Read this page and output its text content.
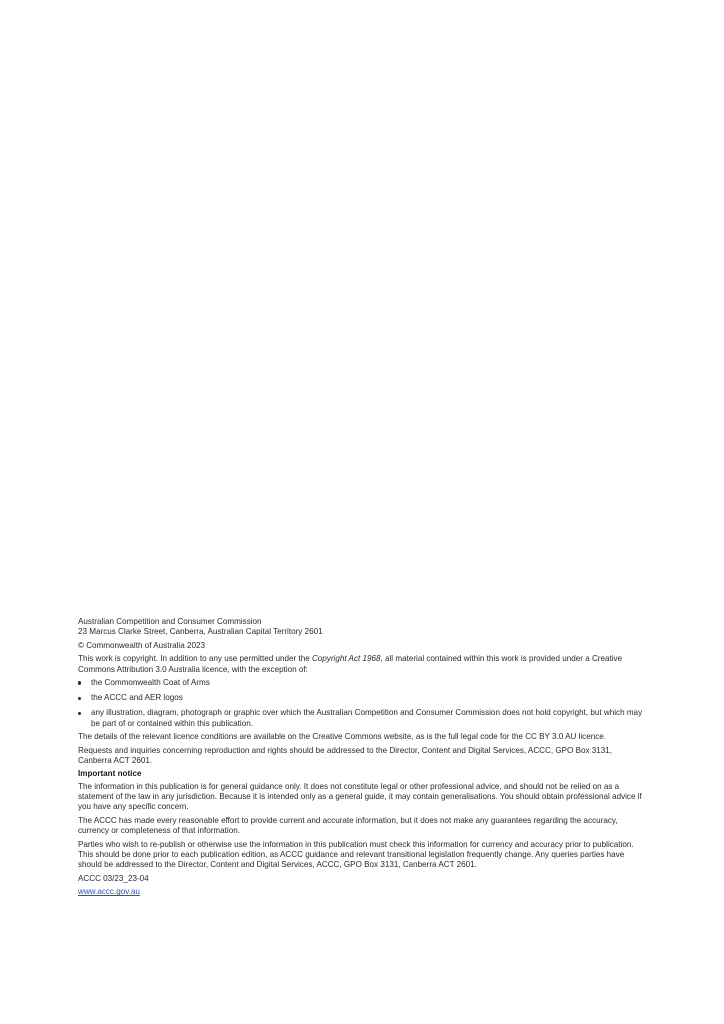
Australian Competition and Consumer Commission

23 Marcus Clarke Street, Canberra, Australian Capital Territory 2601

© Commonwealth of Australia 2023

This work is copyright. In addition to any use permitted under the Copyright Act 1968, all material contained within this work is provided under a Creative Commons Attribution 3.0 Australia licence, with the exception of:

the Commonwealth Coat of Arms
the ACCC and AER logos
any illustration, diagram, photograph or graphic over which the Australian Competition and Consumer Commission does not hold copyright, but which may be part of or contained within this publication.

The details of the relevant licence conditions are available on the Creative Commons website, as is the full legal code for the CC BY 3.0 AU licence.

Requests and inquiries concerning reproduction and rights should be addressed to the Director, Content and Digital Services, ACCC, GPO Box 3131, Canberra ACT 2601.

Important notice

The information in this publication is for general guidance only. It does not constitute legal or other professional advice, and should not be relied on as a statement of the law in any jurisdiction. Because it is intended only as a general guide, it may contain generalisations. You should obtain professional advice if you have any specific concern.

The ACCC has made every reasonable effort to provide current and accurate information, but it does not make any guarantees regarding the accuracy, currency or completeness of that information.

Parties who wish to re-publish or otherwise use the information in this publication must check this information for currency and accuracy prior to publication. This should be done prior to each publication edition, as ACCC guidance and relevant transitional legislation frequently change. Any queries parties have should be addressed to the Director, Content and Digital Services, ACCC, GPO Box 3131, Canberra ACT 2601.

ACCC 03/23_23-04

www.accc.gov.au
